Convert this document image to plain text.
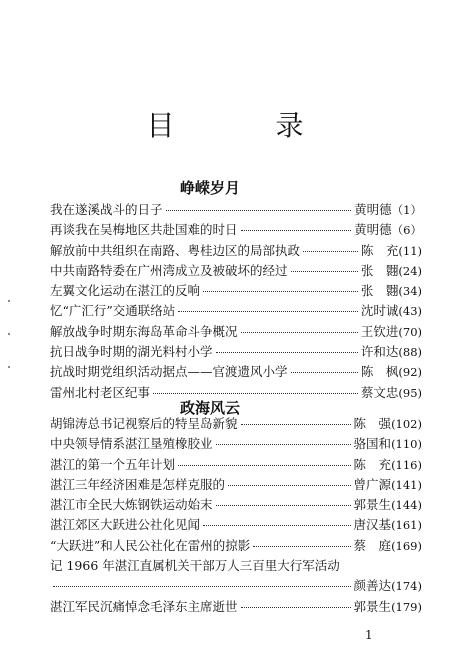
目 录
峥嵘岁月
我在遂溪战斗的日子	黄明德 （1）
再谈我在吴梅地区共赴国难的时日	黄明德 （6）
解放前中共组织在南路、粤桂边区的局部执政	陈　充 (11)
中共南路特委在广州湾成立及被破坏的经过	张　翾 (24)
左翼文化运动在湛江的反响	张　翾 (34)
忆“广汇行”交通联络站	沈时诚 (43)
解放战争时期东海岛革命斗争概况	王钦进 (70)
抗日战争时期的湖光料村小学	许和达 (88)
抗战时期党组织活动据点——官渡遗风小学	陈　枫 (92)
雷州北村老区纪事	蔡文忠 (95)
政海风云
胡锦涛总书记视察后的特呈岛新貌	陈　强 (102)
中央领导情系湛江垦殖橡胶业	骆国和 (110)
湛江的第一个五年计划	陈　充 (116)
湛江三年经济困难是怎样克服的	曾广源 (141)
湛江市全民大炼钢铁运动始末	郭景生 (144)
湛江郊区大跃进公社化见闻	唐汉基 (161)
“大跃进”和人民公社化在雷州的掠影	蔡　庭 (169)
记 1966 年湛江直属机关干部万人三百里大行军活动
颜善达 (174)
湛江军民沉痛悼念毛泽东主席逝世	郭景生 (179)
1
